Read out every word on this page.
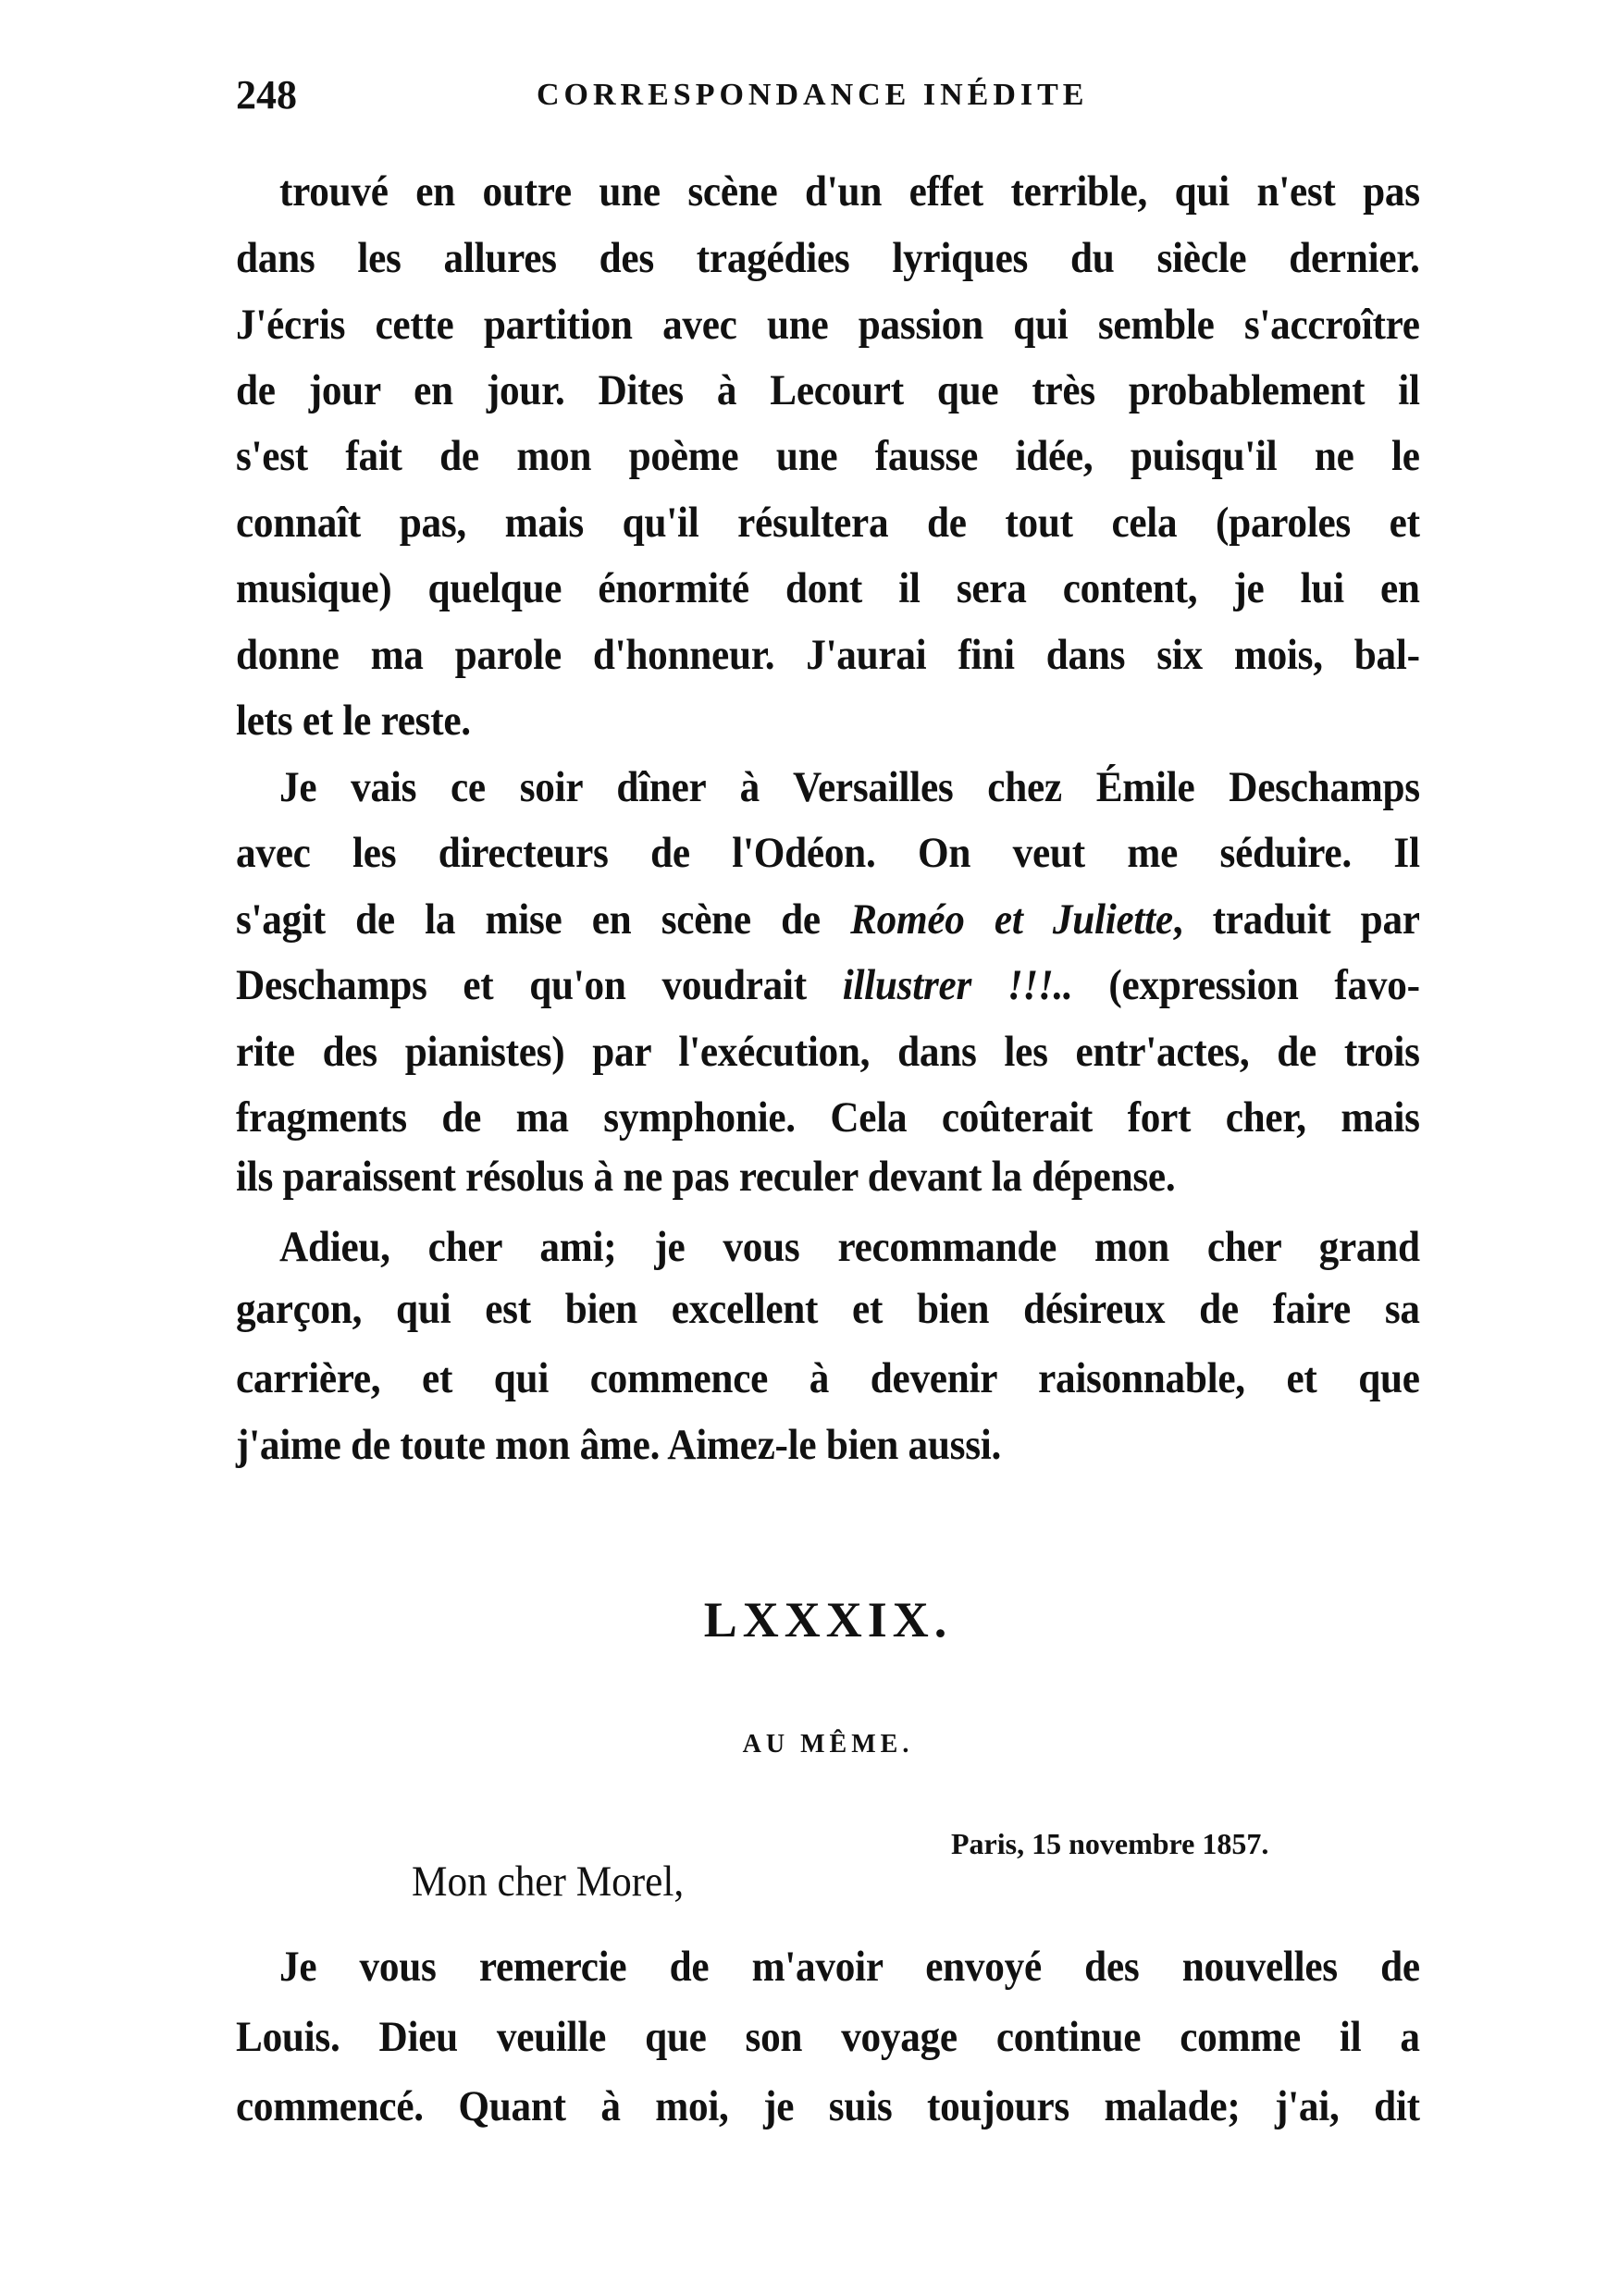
248	CORRESPONDANCE INÉDITE
trouvé en outre une scène d'un effet terrible, qui n'est pas
dans les allures des tragédies lyriques du siècle dernier.
J'écris cette partition avec une passion qui semble s'accroître
de jour en jour. Dites à Lecourt que très probablement il
s'est fait de mon poème une fausse idée, puisqu'il ne le
connaît pas, mais qu'il résultera de tout cela (paroles et
musique) quelque énormité dont il sera content, je lui en
donne ma parole d'honneur. J'aurai fini dans six mois, bal-
lets et le reste.
Je vais ce soir dîner à Versailles chez Émile Deschamps
avec les directeurs de l'Odéon. On veut me séduire. Il
s'agit de la mise en scène de Roméo et Juliette, traduit par
Deschamps et qu'on voudrait illustrer !!!.. (expression favo-
rite des pianistes) par l'exécution, dans les entr'actes, de trois
fragments de ma symphonie. Cela coûterait fort cher, mais
ils paraissent résolus à ne pas reculer devant la dépense.
Adieu, cher ami; je vous recommande mon cher grand
garçon, qui est bien excellent et bien désireux de faire sa
carrière, et qui commence à devenir raisonnable, et que
j'aime de toute mon âme. Aimez-le bien aussi.
Je vous remercie de m'avoir envoyé des nouvelles de
Louis. Dieu veuille que son voyage continue comme il a
commencé. Quant à moi, je suis toujours malade; j'ai, dit
LXXXIX.
AU MÊME.
Paris, 15 novembre 1857.
Mon cher Morel,
